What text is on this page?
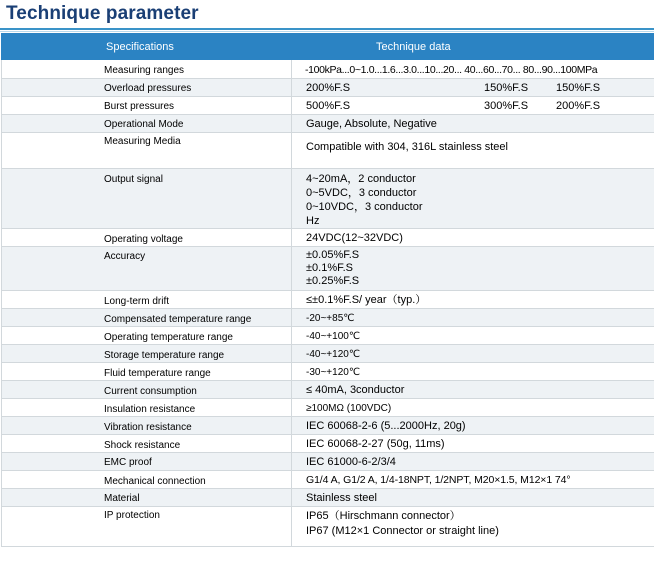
Technique parameter
Specifications	Technique data

Measuring ranges	-100kPa...0~1.0...1.6...3.0...10...20... 40...60...70... 80...90...100MPa

Overload pressures	200%F.S 150%F.S 150%F.S

Burst pressures	500%F.S 300%F.S 200%F.S

Operational Mode	Gauge, Absolute, Negative

Measuring Media	Compatible with 304, 316L stainless steel

Output signal	4~20mA，2 conductor
0~5VDC，3 conductor
0~10VDC，3 conductor
Hz

Operating voltage	24VDC(12~32VDC)

Accuracy	±0.05%F.S
±0.1%F.S
±0.25%F.S

Long-term drift	≤±0.1%F.S/ year（typ.）

Compensated temperature range	-20~+85℃

Operating temperature range	-40~+100℃

Storage temperature range	-40~+120℃

Fluid temperature range	-30~+120℃

Current consumption	≤ 40mA, 3conductor

Insulation resistance	≥100MΩ (100VDC)

Vibration resistance	IEC 60068-2-6 (5...2000Hz, 20g)

Shock resistance	IEC 60068-2-27 (50g, 11ms)

EMC proof	IEC 61000-6-2/3/4

Mechanical connection	G1/4 A, G1/2 A, 1/4-18NPT, 1/2NPT, M20×1.5, M12×1 74°

Material	Stainless steel

IP protection	IP65（Hirschmann connector）
IP67 (M12×1 Connector or straight line)
